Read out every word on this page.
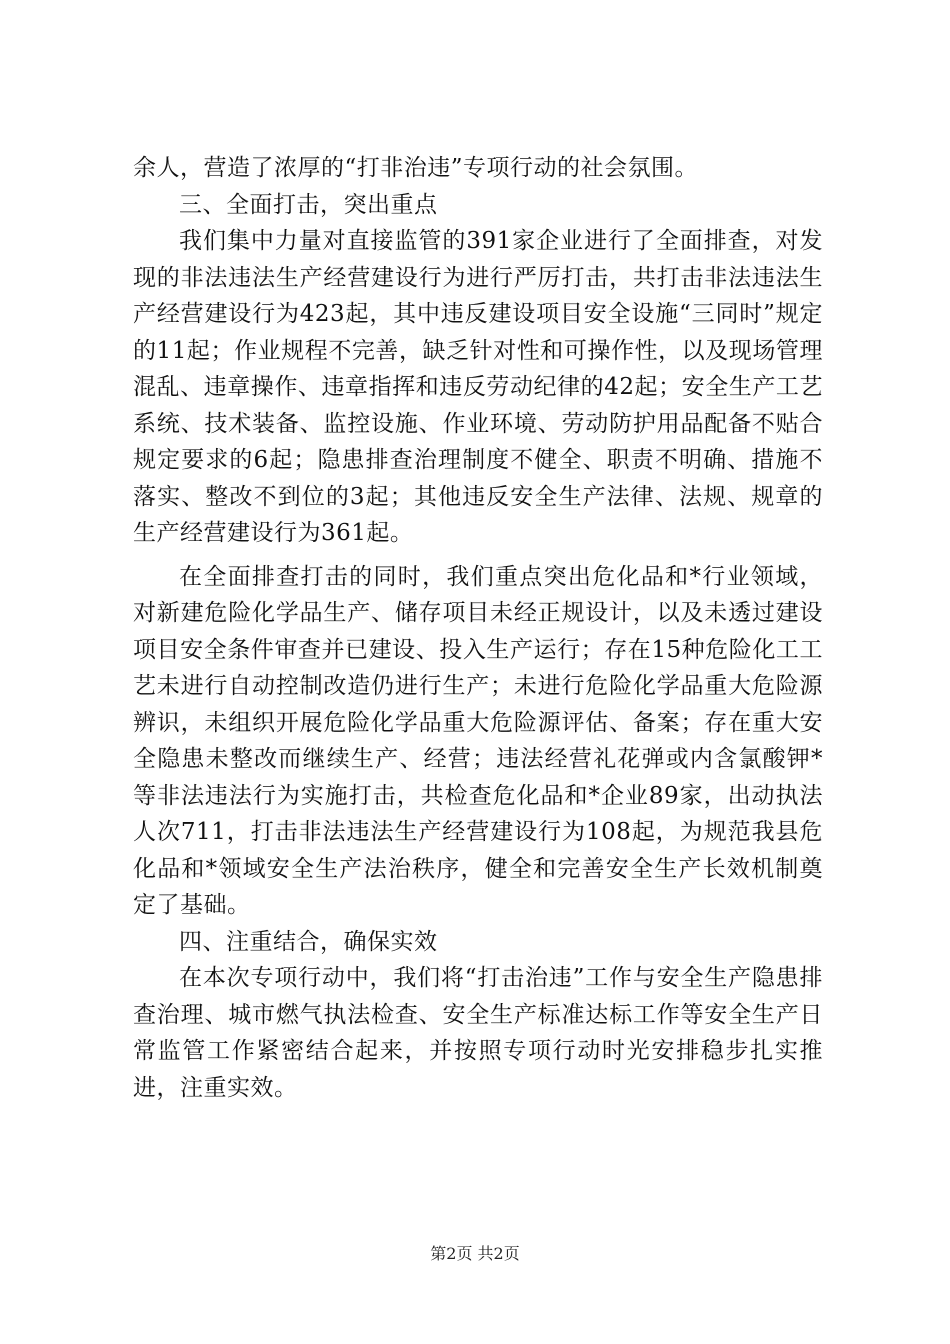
余人，营造了浓厚的“打非治违”专项行动的社会氛围。

三、全面打击，突出重点

我们集中力量对直接监管的391家企业进行了全面排查，对发现的非法违法生产经营建设行为进行严厉打击，共打击非法违法生产经营建设行为423起，其中违反建设项目安全设施“三同时”规定的11起；作业规程不完善，缺乏针对性和可操作性，以及现场管理混乱、违章操作、违章指挥和违反劳动纪律的42起；安全生产工艺系统、技术装备、监控设施、作业环境、劳动防护用品配备不贴合规定要求的6起；隐患排查治理制度不健全、职责不明确、措施不落实、整改不到位的3起；其他违反安全生产法律、法规、规章的生产经营建设行为361起。

在全面排查打击的同时，我们重点突出危化品和*行业领域，对新建危险化学品生产、储存项目未经正规设计，以及未透过建设项目安全条件审查并已建设、投入生产运行；存在15种危险化工工艺未进行自动控制改造仍进行生产；未进行危险化学品重大危险源辨识，未组织开展危险化学品重大危险源评估、备案；存在重大安全隐患未整改而继续生产、经营；违法经营礼花弹或内含氯酸钾*等非法违法行为实施打击，共检查危化品和*企业89家，出动执法人次711，打击非法违法生产经营建设行为108起，为规范我县危化品和*领域安全生产法治秩序，健全和完善安全生产长效机制奠定了基础。

四、注重结合，确保实效

在本次专项行动中，我们将“打击治违”工作与安全生产隐患排查治理、城市燃气执法检查、安全生产标准达标工作等安全生产日常监管工作紧密结合起来，并按照专项行动时光安排稳步扎实推进，注重实效。

第2页 共2页
